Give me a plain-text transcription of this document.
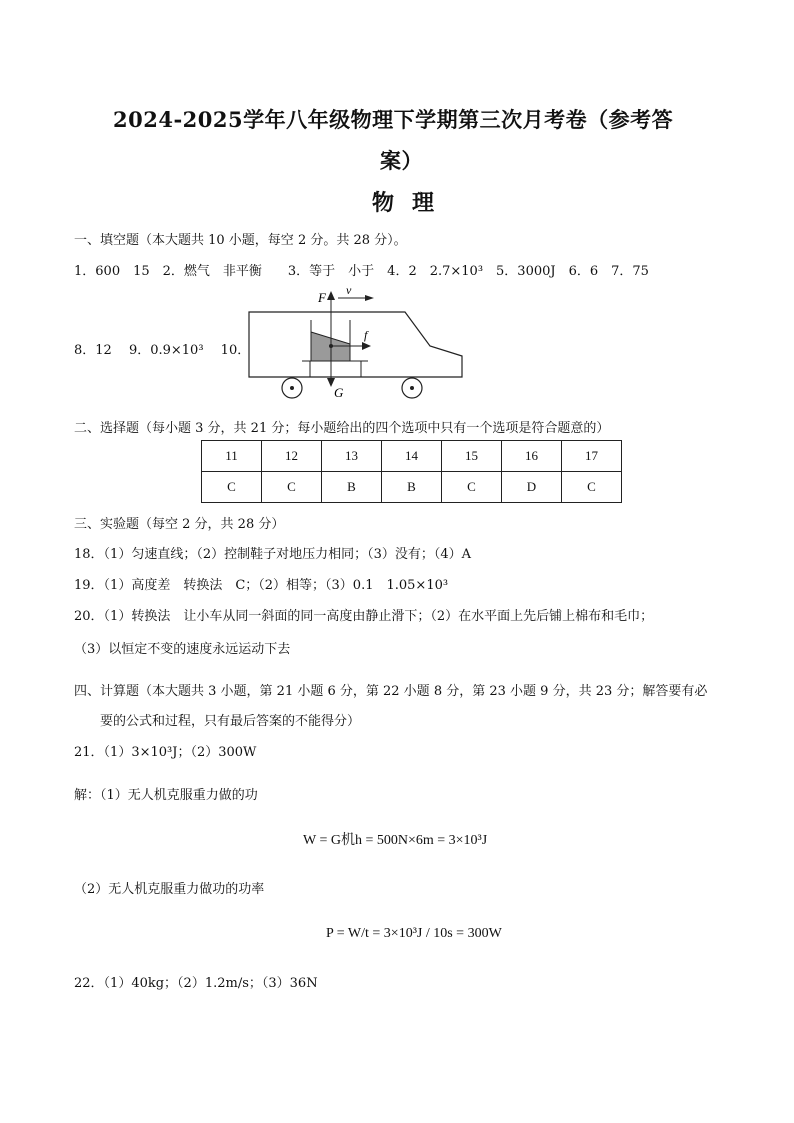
2024-2025学年八年级物理下学期第三次月考卷（参考答
案）
物理
一、填空题（本大题共 10 小题，每空 2 分。共 28 分）。
1．600　15　2．燃气　非平衡　　3．等于　小于　4．2　2.7×10³　5．3000J　6．6　7．75
8．12　 9．0.9×10³　 10．
F v
f
G
二、选择题（每小题 3 分，共 21 分；每小题给出的四个选项中只有一个选项是符合题意的）
11	12	13	14	15	16	17
C	C	B	B	C	D	C
三、实验题（每空 2 分，共 28 分）
18．（1）匀速直线；（2）控制鞋子对地压力相同；（3）没有；（4）A
19．（1）高度差　转换法　C；（2）相等；（3）0.1　1.05×10³
20．（1）转换法　让小车从同一斜面的同一高度由静止滑下；（2）在水平面上先后铺上棉布和毛巾；
（3）以恒定不变的速度永远运动下去
四、计算题（本大题共 3 小题，第 21 小题 6 分，第 22 小题 8 分，第 23 小题 9 分，共 23 分；解答要有必
要的公式和过程，只有最后答案的不能得分）
21．（1）3×10³J；（2）300W
解：（1）无人机克服重力做的功
W = G机h = 500N×6m = 3×10³J
（2）无人机克服重力做功的功率
P = W/t = 3×10³J / 10s = 300W
22．（1）40kg；（2）1.2m/s；（3）36N
